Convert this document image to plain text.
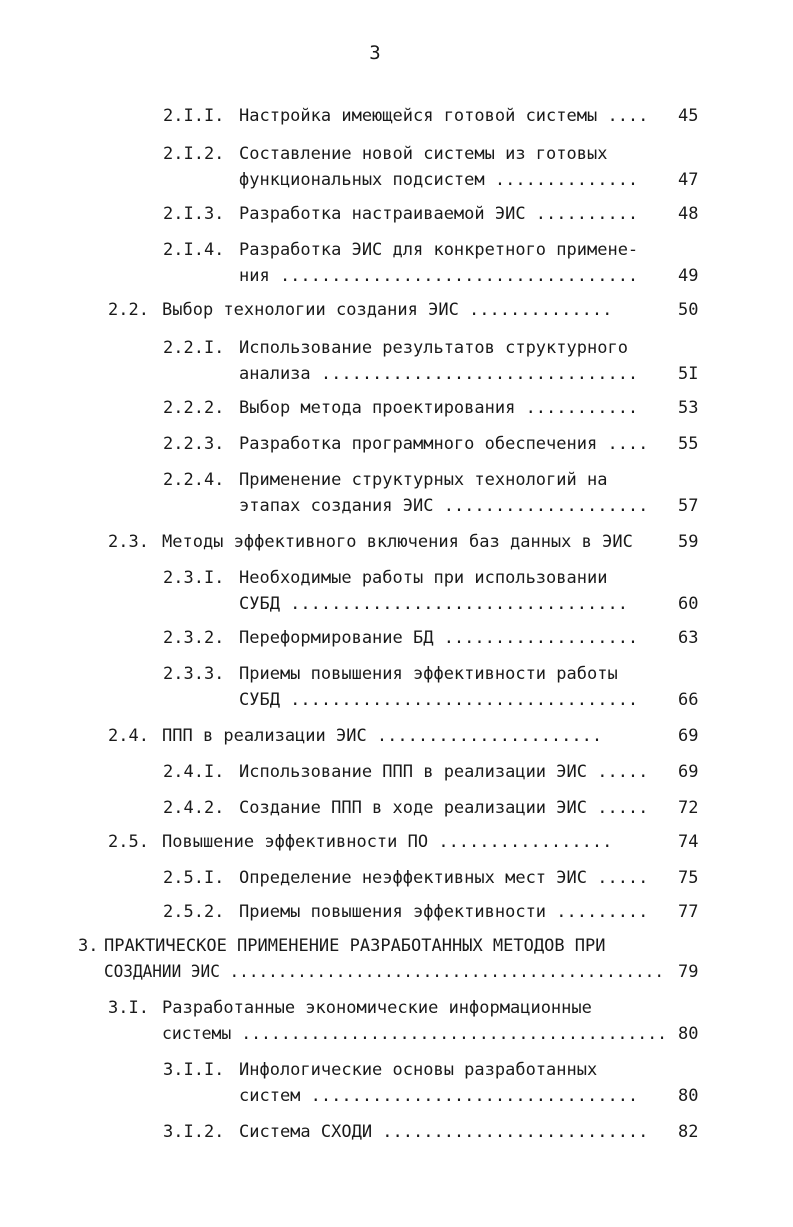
3
2.I.I. Настройка имеющейся готовой системы .... 45
2.I.2. Составление новой системы из готовых
функциональных подсистем .............. 47
2.I.3. Разработка настраиваемой ЭИС .......... 48
2.I.4. Разработка ЭИС для конкретного примене-
ния ................................... 49
2.2. Выбор технологии создания ЭИС ..............	50
2.2.I. Использование результатов структурного
анализа ............................... 5I
2.2.2. Выбор метода проектирования ........... 53
2.2.3. Разработка программного обеспечения .... 55
2.2.4. Применение структурных технологий на
этапах создания ЭИС .................... 57
2.3. Методы эффективного включения баз данных в ЭИС	59
2.3.I. Необходимые работы при использовании
СУБД .................................	60
2.3.2. Переформирование БД ................... 63
2.3.3. Приемы повышения эффективности работы
СУБД .................................. 66
2.4. ППП в реализации ЭИС ......................	69
2.4.I. Использование ППП в реализации ЭИС ..... 69
2.4.2. Создание ППП в ходе реализации ЭИС ..... 72
2.5. Повышение эффективности ПО .................	74
2.5.I. Определение неэффективных мест ЭИС ..... 75
2.5.2. Приемы повышения эффективности ......... 77
3. ПРАКТИЧЕСКОЕ ПРИМЕНЕНИЕ РАЗРАБОТАННЫХ МЕТОДОВ ПРИ
СОЗДАНИИ ЭИС ............................................. 79
3.I. Разработанные экономические информационные
системы ........................................... 80
3.I.I. Инфологические основы разработанных
систем ................................ 80
3.I.2. Система СХОДИ .......................... 82
